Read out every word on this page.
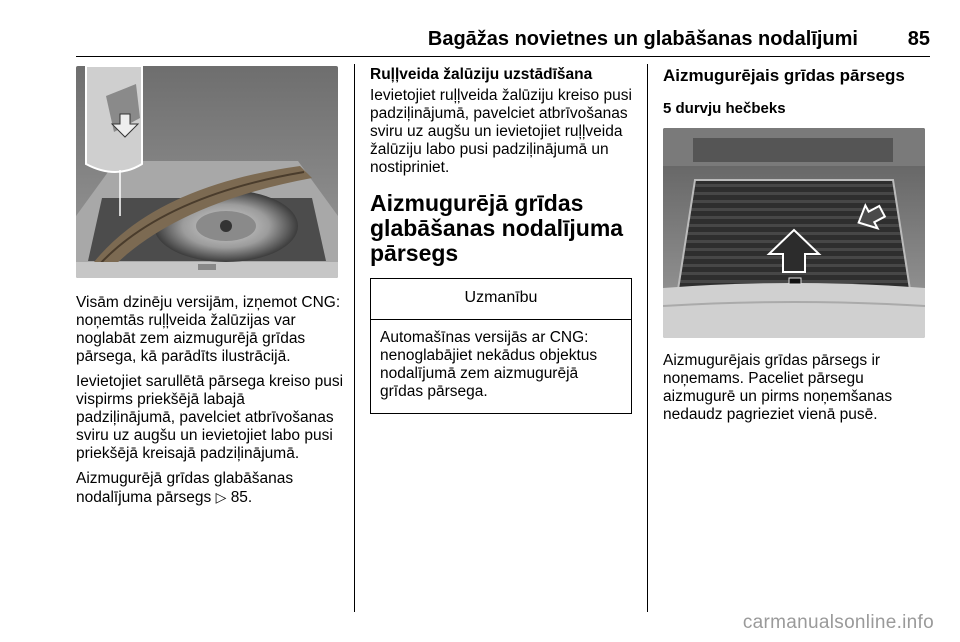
Bagāžas novietnes un glabāšanas nodalījumi	85

Visām dzinēju versijām, izņemot CNG: noņemtās ruļļveida žalūzijas var noglabāt zem aizmugurējā grīdas pārsega, kā parādīts ilustrācijā.

Ievietojiet sarullētā pārsega kreiso pusi vispirms priekšējā labajā padziļinājumā, pavelciet atbrīvošanas sviru uz augšu un ievietojiet labo pusi priekšējā kreisajā padziļinājumā.

Aizmugurējā grīdas glabāšanas nodalījuma pārsegs ▷ 85.

Ruļļveida žalūziju uzstādīšana

Ievietojiet ruļļveida žalūziju kreiso pusi padziļinājumā, pavelciet atbrīvošanas sviru uz augšu un ievietojiet ruļļveida žalūziju labo pusi padziļinājumā un nostipriniet.

Aizmugurējā grīdas glabāšanas nodalījuma pārsegs
Uzmanību
Automašīnas versijās ar CNG: nenoglabājiet nekādus objektus nodalījumā zem aizmugurējā grīdas pārsega.
Aizmugurējais grīdas pārsegs
5 durvju hečbeks

Aizmugurējais grīdas pārsegs ir noņemams. Paceliet pārsegu aizmugurē un pirms noņemšanas nedaudz pagrieziet vienā pusē.

carmanualsonline.info
